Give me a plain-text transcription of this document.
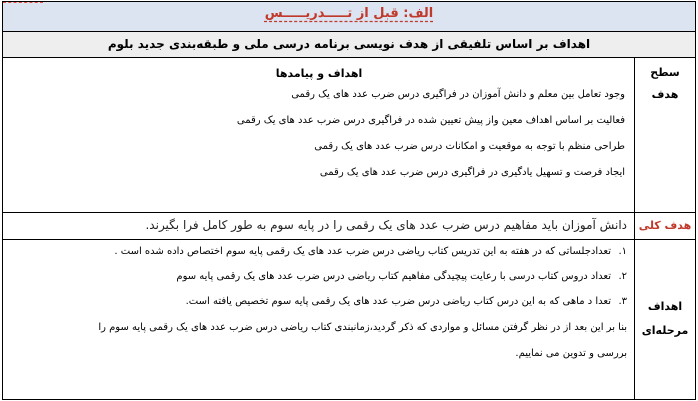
الف: قبل از تـــــدریـــــس
اهداف بر اساس تلفیقی از هدف نویسی برنامه درسی ملی و طبقه‌بندی جدید بلوم
سطح
هدف
اهداف و پیامدها
وجود تعامل بین معلم و دانش آموزان در فراگیری درس ضرب عدد های یک رقمی
فعالیت بر اساس اهداف معین واز پیش تعیین شده در فراگیری درس ضرب عدد های یک رقمی
طراحی منظم با توجه به موقعیت و امکانات درس ضرب عدد های یک رقمی
ایجاد فرصت و تسهیل یادگیری در فراگیری درس ضرب عدد های یک رقمی
هدف کلی
دانش آموزان باید مفاهیم درس ضرب عدد های یک رقمی را در پایه سوم به طور کامل فرا بگیرند.
اهداف
مرحله‌ای
۱.
تعدادجلساتی که در هفته به این تدریس کتاب ریاضی درس ضرب عدد های یک رقمی پایه سوم اختصاص داده شده است .
۲.
تعداد دروس کتاب درسی با رعایت پیچیدگی مفاهیم کتاب ریاضی درس ضرب عدد های یک رقمی پایه سوم
۳.
تعدا د ماهی که به این درس کتاب ریاضی درس ضرب عدد های یک رقمی پایه سوم تخصیص یافته است.
بنا بر این بعد از در نظر گرفتن مسائل و مواردی که ذکر گردید،زمانبندی کتاب ریاضی درس ضرب عدد های یک رقمی پایه سوم را
بررسی و تدوین می نماییم.
